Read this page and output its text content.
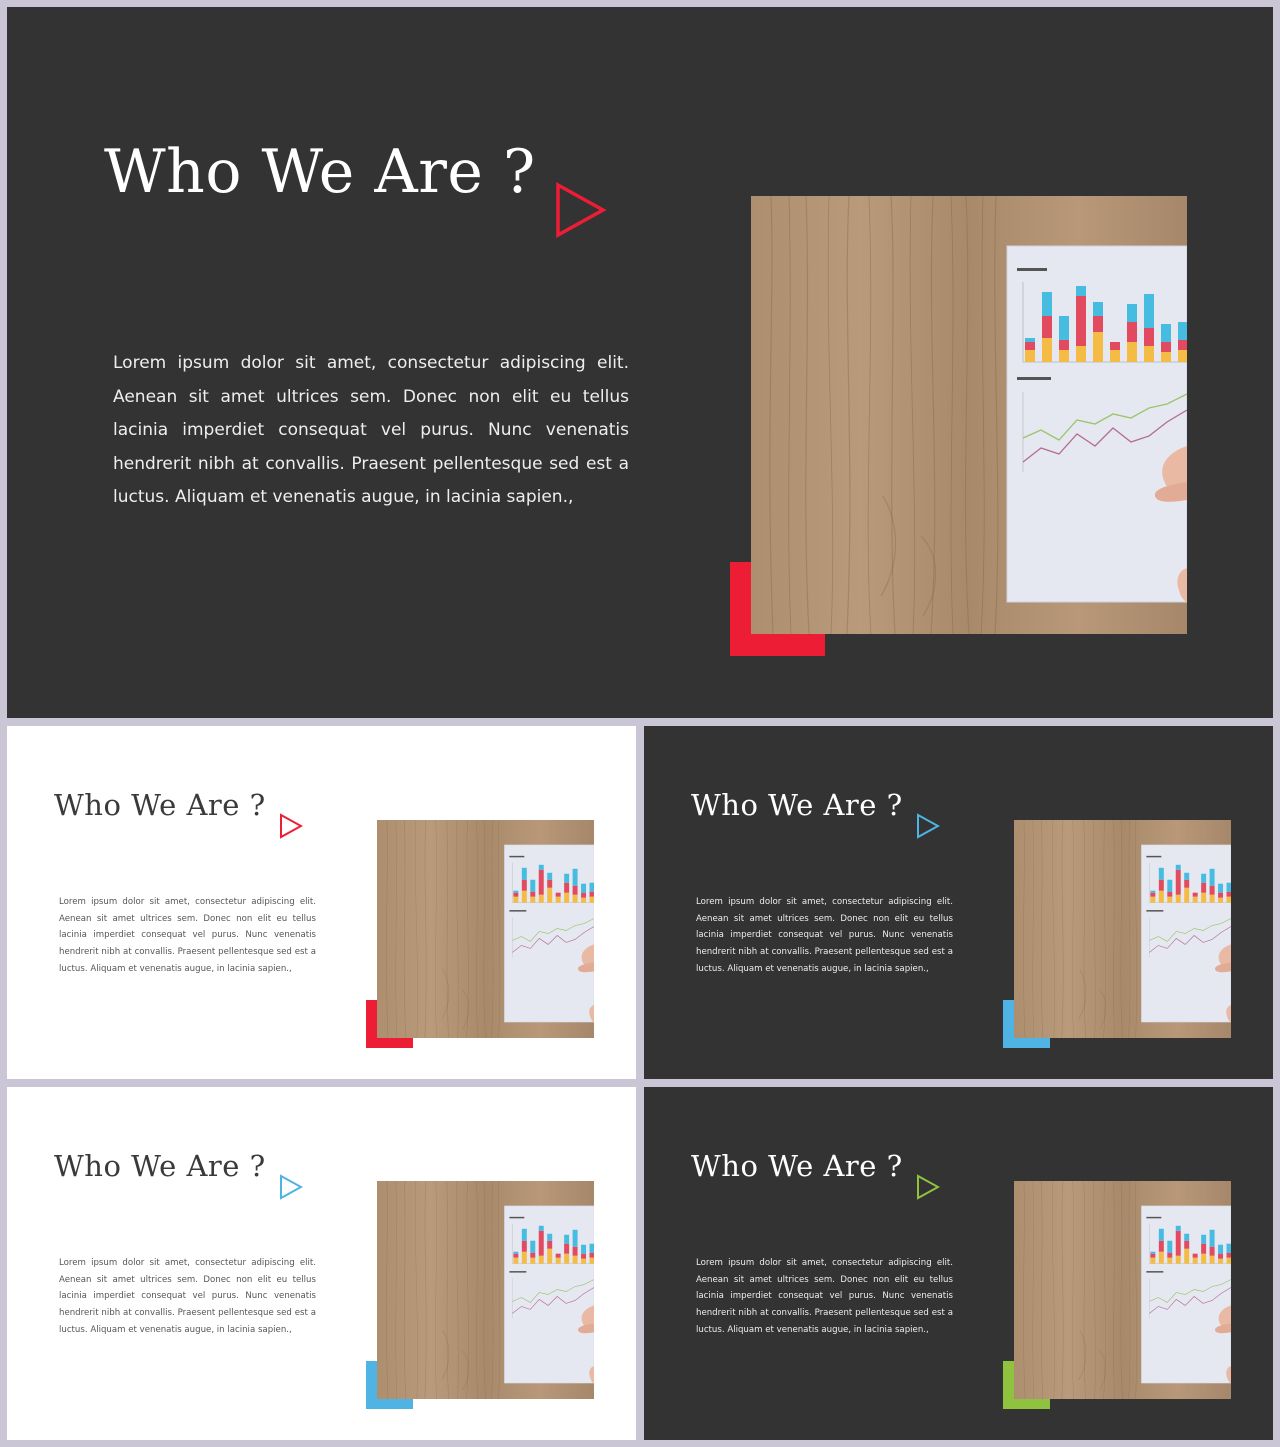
Who We Are ?

Lorem ipsum dolor sit amet, consectetur adipiscing elit. Aenean sit amet ultrices sem. Donec non elit eu tellus lacinia imperdiet consequat vel purus. Nunc venenatis hendrerit nibh at convallis. Praesent pellentesque sed est a luctus. Aliquam et venenatis augue, in lacinia sapien.,

Who We Are ?

Lorem ipsum dolor sit amet, consectetur adipiscing elit. Aenean sit amet ultrices sem. Donec non elit eu tellus lacinia imperdiet consequat vel purus. Nunc venenatis hendrerit nibh at convallis. Praesent pellentesque sed est a luctus. Aliquam et venenatis augue, in lacinia sapien.,

Who We Are ?

Lorem ipsum dolor sit amet, consectetur adipiscing elit. Aenean sit amet ultrices sem. Donec non elit eu tellus lacinia imperdiet consequat vel purus. Nunc venenatis hendrerit nibh at convallis. Praesent pellentesque sed est a luctus. Aliquam et venenatis augue, in lacinia sapien.,

Who We Are ?

Lorem ipsum dolor sit amet, consectetur adipiscing elit. Aenean sit amet ultrices sem. Donec non elit eu tellus lacinia imperdiet consequat vel purus. Nunc venenatis hendrerit nibh at convallis. Praesent pellentesque sed est a luctus. Aliquam et venenatis augue, in lacinia sapien.,

Who We Are ?

Lorem ipsum dolor sit amet, consectetur adipiscing elit. Aenean sit amet ultrices sem. Donec non elit eu tellus lacinia imperdiet consequat vel purus. Nunc venenatis hendrerit nibh at convallis. Praesent pellentesque sed est a luctus. Aliquam et venenatis augue, in lacinia sapien.,
